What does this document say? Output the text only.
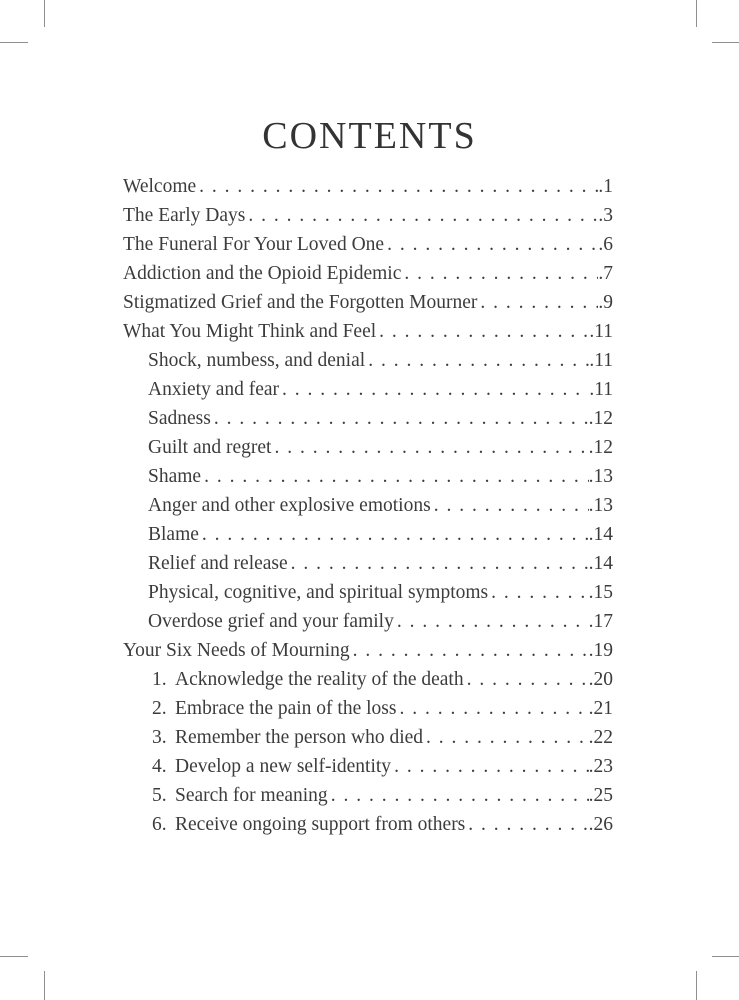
CONTENTS
Welcome . . .	. 1
The Early Days . . .	. 3
The Funeral For Your Loved One . . .	. 6
Addiction and the Opioid Epidemic . . .	. 7
Stigmatized Grief and the Forgotten Mourner . . .	. 9
What You Might Think and Feel . . .	. 11
Shock, numbess, and denial . . .	. 11
Anxiety and fear . . .	. 11
Sadness . . .	. 12
Guilt and regret . . .	. 12
Shame . . .	. 13
Anger and other explosive emotions . . .	. 13
Blame . . .	. 14
Relief and release . . .	. 14
Physical, cognitive, and spiritual symptoms . . .	. 15
Overdose grief and your family . . .	. 17
Your Six Needs of Mourning . . .	. 19
1. Acknowledge the reality of the death . . .	. 20
2. Embrace the pain of the loss . . .	. 21
3. Remember the person who died . . .	. 22
4. Develop a new self-identity . . .	. 23
5. Search for meaning . . .	. 25
6. Receive ongoing support from others . . .	. 26
